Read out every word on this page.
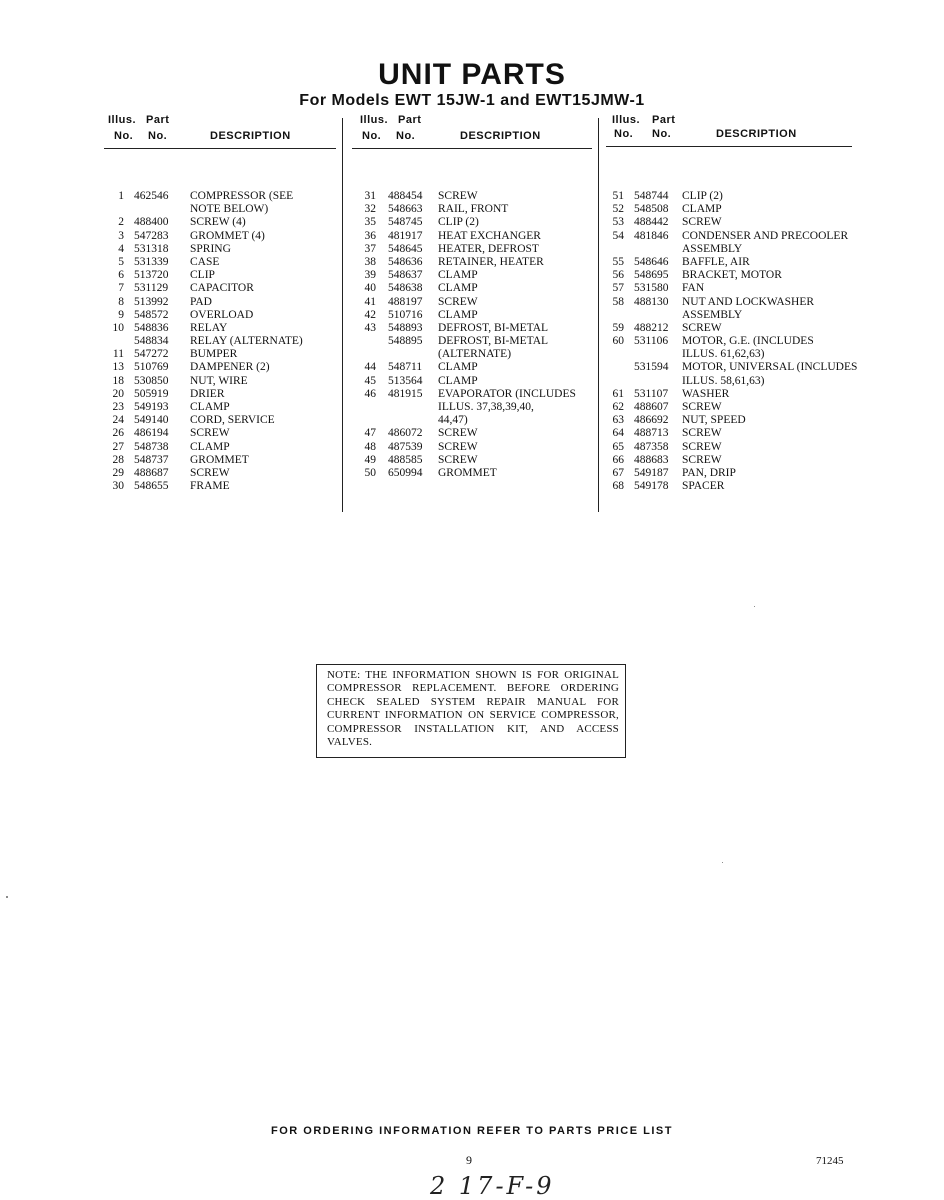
UNIT PARTS
For Models EWT 15JW-1 and EWT15JMW-1
Illus. Part
No. No.	DESCRIPTION
1 462546 COMPRESSOR (SEE
NOTE BELOW)
2 488400 SCREW (4)
3 547283 GROMMET (4)
4 531318 SPRING
5 531339 CASE
6 513720 CLIP
7 531129 CAPACITOR
8 513992 PAD
9 548572 OVERLOAD
10 548836 RELAY
548834 RELAY (ALTERNATE)
11 547272 BUMPER
13 510769 DAMPENER (2)
18 530850 NUT, WIRE
20 505919 DRIER
23 549193 CLAMP
24 549140 CORD, SERVICE
26 486194 SCREW
27 548738 CLAMP
28 548737 GROMMET
29 488687 SCREW
30 548655 FRAME
Illus. Part
No. No.	DESCRIPTION
31 488454 SCREW
32 548663 RAIL, FRONT
35 548745 CLIP (2)
36 481917 HEAT EXCHANGER
37 548645 HEATER, DEFROST
38 548636 RETAINER, HEATER
39 548637 CLAMP
40 548638 CLAMP
41 488197 SCREW
42 510716 CLAMP
43 548893 DEFROST, BI-METAL
548895 DEFROST, BI-METAL
(ALTERNATE)
44 548711 CLAMP
45 513564 CLAMP
46 481915 EVAPORATOR (INCLUDES
ILLUS. 37,38,39,40,
44,47)
47 486072 SCREW
48 487539 SCREW
49 488585 SCREW
50 650994 GROMMET
Illus. Part
No. No.	DESCRIPTION
51 548744 CLIP (2)
52 548508 CLAMP
53 488442 SCREW
54 481846 CONDENSER AND PRECOOLER
ASSEMBLY
55 548646 BAFFLE, AIR
56 548695 BRACKET, MOTOR
57 531580 FAN
58 488130 NUT AND LOCKWASHER
ASSEMBLY
59 488212 SCREW
60 531106 MOTOR, G.E. (INCLUDES
ILLUS. 61,62,63)
531594 MOTOR, UNIVERSAL (INCLUDES
ILLUS. 58,61,63)
61 531107 WASHER
62 488607 SCREW
63 486692 NUT, SPEED
64 488713 SCREW
65 487358 SCREW
66 488683 SCREW
67 549187 PAN, DRIP
68 549178 SPACER
NOTE: THE INFORMATION SHOWN IS FOR ORIGINAL COMPRESSOR REPLACEMENT. BEFORE ORDERING CHECK SEALED SYSTEM REPAIR MANUAL FOR CURRENT INFORMATION ON SERVICE COMPRESSOR, COMPRESSOR INSTALLATION KIT, AND ACCESS VALVES.
FOR ORDERING INFORMATION REFER TO PARTS PRICE LIST
9	71245
2 17-F-9
